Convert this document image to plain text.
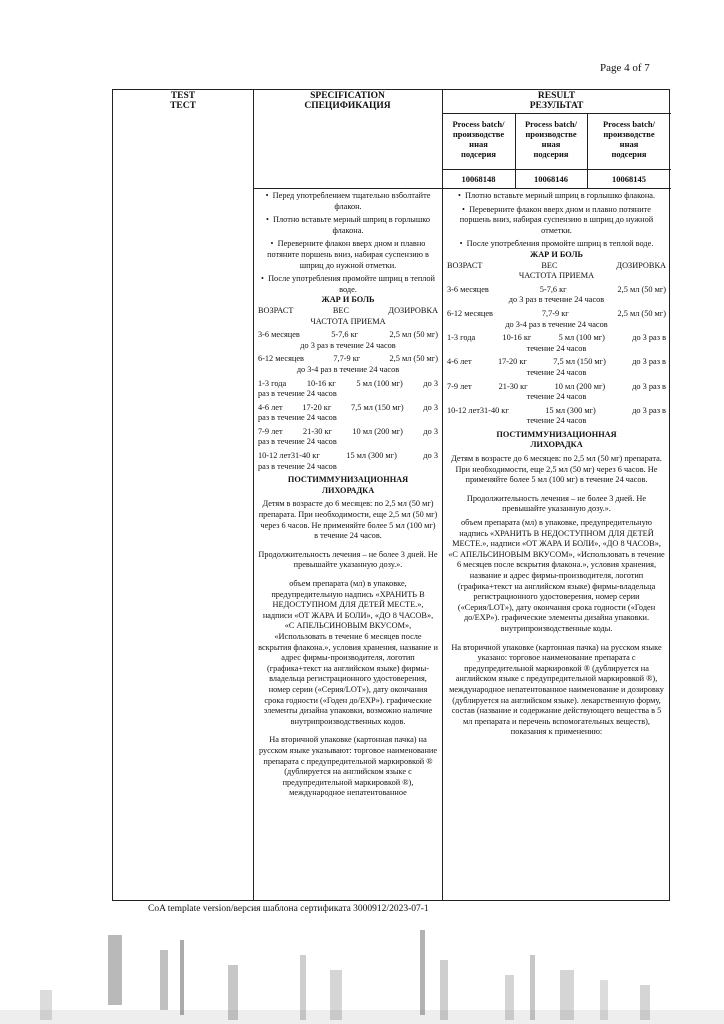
Page 4 of 7
TEST
ТЕСТ
SPECIFICATION
СПЕЦИФИКАЦИЯ
RESULT
РЕЗУЛЬТАТ
Process batch/
производстве
нная
подсерия
Process batch/
производстве
нная
подсерия
Process batch/
производстве
нная
подсерия
10068148	10068146	10068145
•  Перед употреблением тщательно взболтайте флакон.
•  Плотно вставьте мерный шприц в горлышко флакона.
•  Переверните флакон вверх дном и плавно потяните поршень вниз, набирая суспензию в шприц до нужной отметки.
•  После употребления промойте шприц в теплой воде.
ЖАР И БОЛЬ
ВОЗРАСТ	ВЕС	ДОЗИРОВКА
ЧАСТОТА ПРИЕМА
3-6 месяцев	5-7,6 кг	2,5 мл (50 мг)
до 3 раз в течение 24 часов
6-12 месяцев	7,7-9 кг	2,5 мл (50 мг)
до 3-4 раз в течение 24 часов
1-3 года 10-16 кг 5 мл (100 мг) до 3
раз в течение 24 часов
4-6 лет 17-20 кг 7,5 мл (150 мг) до 3
раз в течение 24 часов
7-9 лет 21-30 кг 10 мл (200 мг) до 3
раз в течение 24 часов
10-12 лет31-40 кг	15 мл (300 мг)	до 3
раз в течение 24 часов
ПОСТИММУНИЗАЦИОННАЯ
ЛИХОРАДКА
Детям в возрасте до 6 месяцев: по 2,5 мл (50 мг) препарата. При необходимости, еще 2,5 мл (50 мг) через 6 часов. Не применяйте более 5 мл (100 мг) в течение 24 часов.
Продолжительность лечения – не более 3 дней. Не превышайте указанную дозу.».
объем препарата (мл) в упаковке, предупредительную надпись «ХРАНИТЬ В НЕДОСТУПНОМ ДЛЯ ДЕТЕЙ МЕСТЕ.», надписи «ОТ ЖАРА И БОЛИ», «ДО 8 ЧАСОВ», «С АПЕЛЬСИНОВЫМ ВКУСОМ», «Использовать в течение 6 месяцев после вскрытия флакона.», условия хранения, название и адрес фирмы-производителя, логотип (графика+текст на английском языке) фирмы-владельца регистрационного удостоверения, номер серии («Серия/LOT»), дату окончания срока годности («Годен до/EXP»). графические элементы дизайна упаковки, возможно наличие внутрипроизводственных кодов.
На вторичной упаковке (картонная пачка) на русском языке указывают: торговое наименование препарата с предупредительной маркировкой ® (дублируется на английском языке с предупредительной маркировкой ®), международное непатентованное
•  Плотно вставьте мерный шприц в горлышко флакона.
•  Переверните флакон вверх дном и плавно потяните поршень вниз, набирая суспензию в шприц до нужной отметки.
•  После употребления промойте шприц в теплой воде.
ЖАР И БОЛЬ
ВОЗРАСТ	ВЕС	ДОЗИРОВКА
ЧАСТОТА ПРИЕМА
3-6 месяцев	5-7,6 кг	2,5 мл (50 мг)
до 3 раз в течение 24 часов
6-12 месяцев	7,7-9 кг	2,5 мл (50 мг)
до 3-4 раз в течение 24 часов
1-3 года	10-16 кг	5 мл (100 мг)	до 3 раз в
течение 24 часов
4-6 лет	17-20 кг	7,5 мл (150 мг)	до 3 раз в
течение 24 часов
7-9 лет	21-30 кг	10 мл (200 мг)	до 3 раз в
течение 24 часов
10-12 лет31-40 кг	15 мл (300 мг)	до 3 раз в
течение 24 часов
ПОСТИММУНИЗАЦИОННАЯ
ЛИХОРАДКА
Детям в возрасте до 6 месяцев: по 2,5 мл (50 мг) препарата. При необходимости, еще 2,5 мл (50 мг) через 6 часов. Не применяйте более 5 мл (100 мг) в течение 24 часов.
Продолжительность лечения – не более 3 дней. Не превышайте указанную дозу.».
объем препарата (мл) в упаковке, предупредительную надпись «ХРАНИТЬ В НЕДОСТУПНОМ ДЛЯ ДЕТЕЙ МЕСТЕ.», надписи «ОТ ЖАРА И БОЛИ», «ДО 8 ЧАСОВ», «С АПЕЛЬСИНОВЫМ ВКУСОМ», «Использовать в течение 6 месяцев после вскрытия флакона.», условия хранения, название и адрес фирмы-производителя, логотип (графика+текст на английском языке) фирмы-владельца регистрационного удостоверения, номер серии («Серия/LOT»), дату окончания срока годности («Годен до/EXP»). графические элементы дизайна упаковки. внутрипроизводственные коды.
На вторичной упаковке (картонная пачка) на русском языке указано: торговое наименование препарата с предупредительной маркировкой ® (дублируется на английском языке с предупредительной маркировкой ®), международное непатентованное наименование и дозировку (дублируется на английском языке). лекарственную форму, состав (название и содержание действующего вещества в 5 мл препарата и перечень вспомогательных веществ), показания к применению:
CoA template version/версия шаблона сертификата 3000912/2023-07-1
